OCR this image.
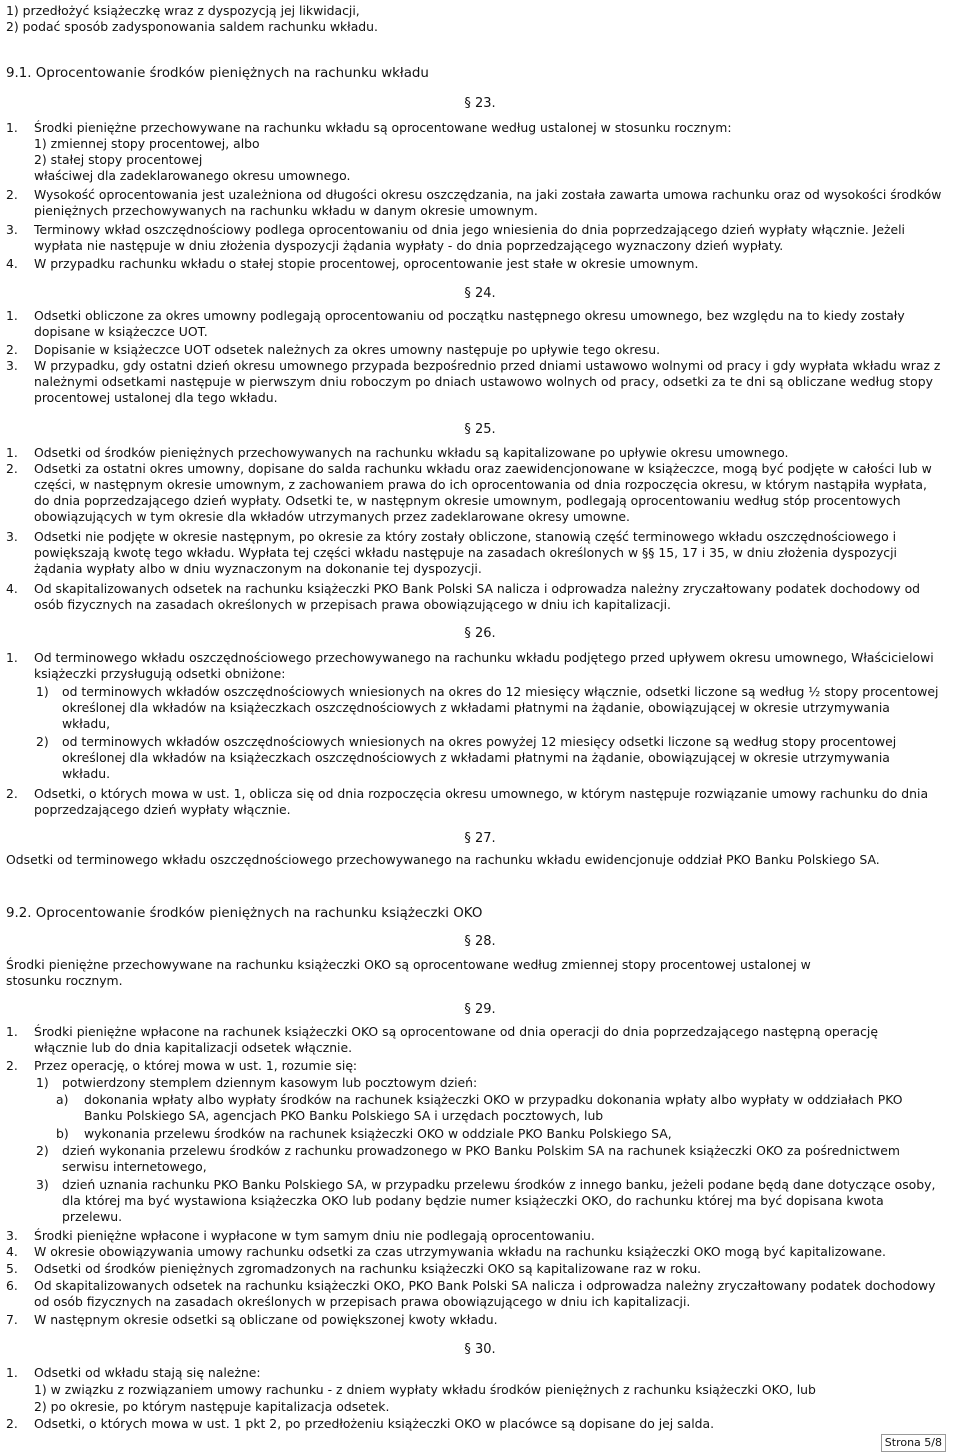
1) przedłożyć książeczkę wraz z dyspozycją jej likwidacji,
2) podać sposób zadysponowania saldem rachunku wkładu.
9.1. Oprocentowanie środków pieniężnych na rachunku wkładu
§ 23.
1. Środki pieniężne przechowywane na rachunku wkładu są oprocentowane według ustalonej w stosunku rocznym:
1) zmiennej stopy procentowej, albo
2) stałej stopy procentowej
właściwej dla zadeklarowanego okresu umownego.
2. Wysokość oprocentowania jest uzależniona od długości okresu oszczędzania, na jaki została zawarta umowa rachunku oraz od wysokości środków pieniężnych przechowywanych na rachunku wkładu w danym okresie umownym.
3. Terminowy wkład oszczędnościowy podlega oprocentowaniu od dnia jego wniesienia do dnia poprzedzającego dzień wypłaty włącznie. Jeżeli wypłata nie następuje w dniu złożenia dyspozycji żądania wypłaty - do dnia poprzedzającego wyznaczony dzień wypłaty.
4. W przypadku rachunku wkładu o stałej stopie procentowej, oprocentowanie jest stałe w okresie umownym.
§ 24.
1. Odsetki obliczone za okres umowny podlegają oprocentowaniu od początku następnego okresu umownego, bez względu na to kiedy zostały dopisane w książeczce UOT.
2. Dopisanie w książeczce UOT odsetek należnych za okres umowny następuje po upływie tego okresu.
3. W przypadku, gdy ostatni dzień okresu umownego przypada bezpośrednio przed dniami ustawowo wolnymi od pracy i gdy wypłata wkładu wraz z należnymi odsetkami następuje w pierwszym dniu roboczym po dniach ustawowo wolnych od pracy, odsetki za te dni są obliczane według stopy procentowej ustalonej dla tego wkładu.
§ 25.
1. Odsetki od środków pieniężnych przechowywanych na rachunku wkładu są kapitalizowane po upływie okresu umownego.
2. Odsetki za ostatni okres umowny, dopisane do salda rachunku wkładu oraz zaewidencjonowane w książeczce, mogą być podjęte w całości lub w części, w następnym okresie umownym, z zachowaniem prawa do ich oprocentowania od dnia rozpoczęcia okresu, w którym nastąpiła wypłata, do dnia poprzedzającego dzień wypłaty. Odsetki te, w następnym okresie umownym, podlegają oprocentowaniu według stóp procentowych obowiązujących w tym okresie dla wkładów utrzymanych przez zadeklarowane okresy umowne.
3. Odsetki nie podjęte w okresie następnym, po okresie za który zostały obliczone, stanowią część terminowego wkładu oszczędnościowego i powiększają kwotę tego wkładu. Wypłata tej części wkładu następuje na zasadach określonych w §§ 15, 17 i 35, w dniu złożenia dyspozycji żądania wypłaty albo w dniu wyznaczonym na dokonanie tej dyspozycji.
4. Od skapitalizowanych odsetek na rachunku książeczki PKO Bank Polski SA nalicza i odprowadza należny zryczałtowany podatek dochodowy od osób fizycznych na zasadach określonych w przepisach prawa obowiązującego w dniu ich kapitalizacji.
§ 26.
1. Od terminowego wkładu oszczędnościowego przechowywanego na rachunku wkładu podjętego przed upływem okresu umownego, Właścicielowi książeczki przysługują odsetki obniżone:
1) od terminowych wkładów oszczędnościowych wniesionych na okres do 12 miesięcy włącznie, odsetki liczone są według ½ stopy procentowej określonej dla wkładów na książeczkach oszczędnościowych z wkładami płatnymi na żądanie, obowiązującej w okresie utrzymywania wkładu,
2) od terminowych wkładów oszczędnościowych wniesionych na okres powyżej 12 miesięcy odsetki liczone są według stopy procentowej określonej dla wkładów na książeczkach oszczędnościowych z wkładami płatnymi na żądanie, obowiązującej w okresie utrzymywania wkładu.
2. Odsetki, o których mowa w ust. 1, oblicza się od dnia rozpoczęcia okresu umownego, w którym następuje rozwiązanie umowy rachunku do dnia poprzedzającego dzień wypłaty włącznie.
§ 27.
Odsetki od terminowego wkładu oszczędnościowego przechowywanego na rachunku wkładu ewidencjonuje oddział PKO Banku Polskiego SA.
9.2. Oprocentowanie środków pieniężnych na rachunku książeczki OKO
§ 28.
Środki pieniężne przechowywane na rachunku książeczki OKO są oprocentowane według zmiennej stopy procentowej ustalonej w stosunku rocznym.
§ 29.
1. Środki pieniężne wpłacone na rachunek książeczki OKO są oprocentowane od dnia operacji do dnia poprzedzającego następną operację włącznie lub do dnia kapitalizacji odsetek włącznie.
2. Przez operację, o której mowa w ust. 1, rozumie się:
1) potwierdzony stemplem dziennym kasowym lub pocztowym dzień:
a) dokonania wpłaty albo wypłaty środków na rachunek książeczki OKO w przypadku dokonania wpłaty albo wypłaty w oddziałach PKO Banku Polskiego SA, agencjach PKO Banku Polskiego SA i urzędach pocztowych, lub
b) wykonania przelewu środków na rachunek książeczki OKO w oddziale PKO Banku Polskiego SA,
2) dzień wykonania przelewu środków z rachunku prowadzonego w PKO Banku Polskim SA na rachunek książeczki OKO za pośrednictwem serwisu internetowego,
3) dzień uznania rachunku PKO Banku Polskiego SA, w przypadku przelewu środków z innego banku, jeżeli podane będą dane dotyczące osoby, dla której ma być wystawiona książeczka OKO lub podany będzie numer książeczki OKO, do rachunku której ma być dopisana kwota przelewu.
3. Środki pieniężne wpłacone i wypłacone w tym samym dniu nie podlegają oprocentowaniu.
4. W okresie obowiązywania umowy rachunku odsetki za czas utrzymywania wkładu na rachunku książeczki OKO mogą być kapitalizowane.
5. Odsetki od środków pieniężnych zgromadzonych na rachunku książeczki OKO są kapitalizowane raz w roku.
6. Od skapitalizowanych odsetek na rachunku książeczki OKO, PKO Bank Polski SA nalicza i odprowadza należny zryczałtowany podatek dochodowy od osób fizycznych na zasadach określonych w przepisach prawa obowiązującego w dniu ich kapitalizacji.
7. W następnym okresie odsetki są obliczane od powiększonej kwoty wkładu.
§ 30.
1. Odsetki od wkładu stają się należne:
1) w związku z rozwiązaniem umowy rachunku - z dniem wypłaty wkładu środków pieniężnych z rachunku książeczki OKO, lub
2) po okresie, po którym następuje kapitalizacja odsetek.
2. Odsetki, o których mowa w ust. 1 pkt 2, po przedłożeniu książeczki OKO w placówce są dopisane do jej salda.
Strona 5/8
